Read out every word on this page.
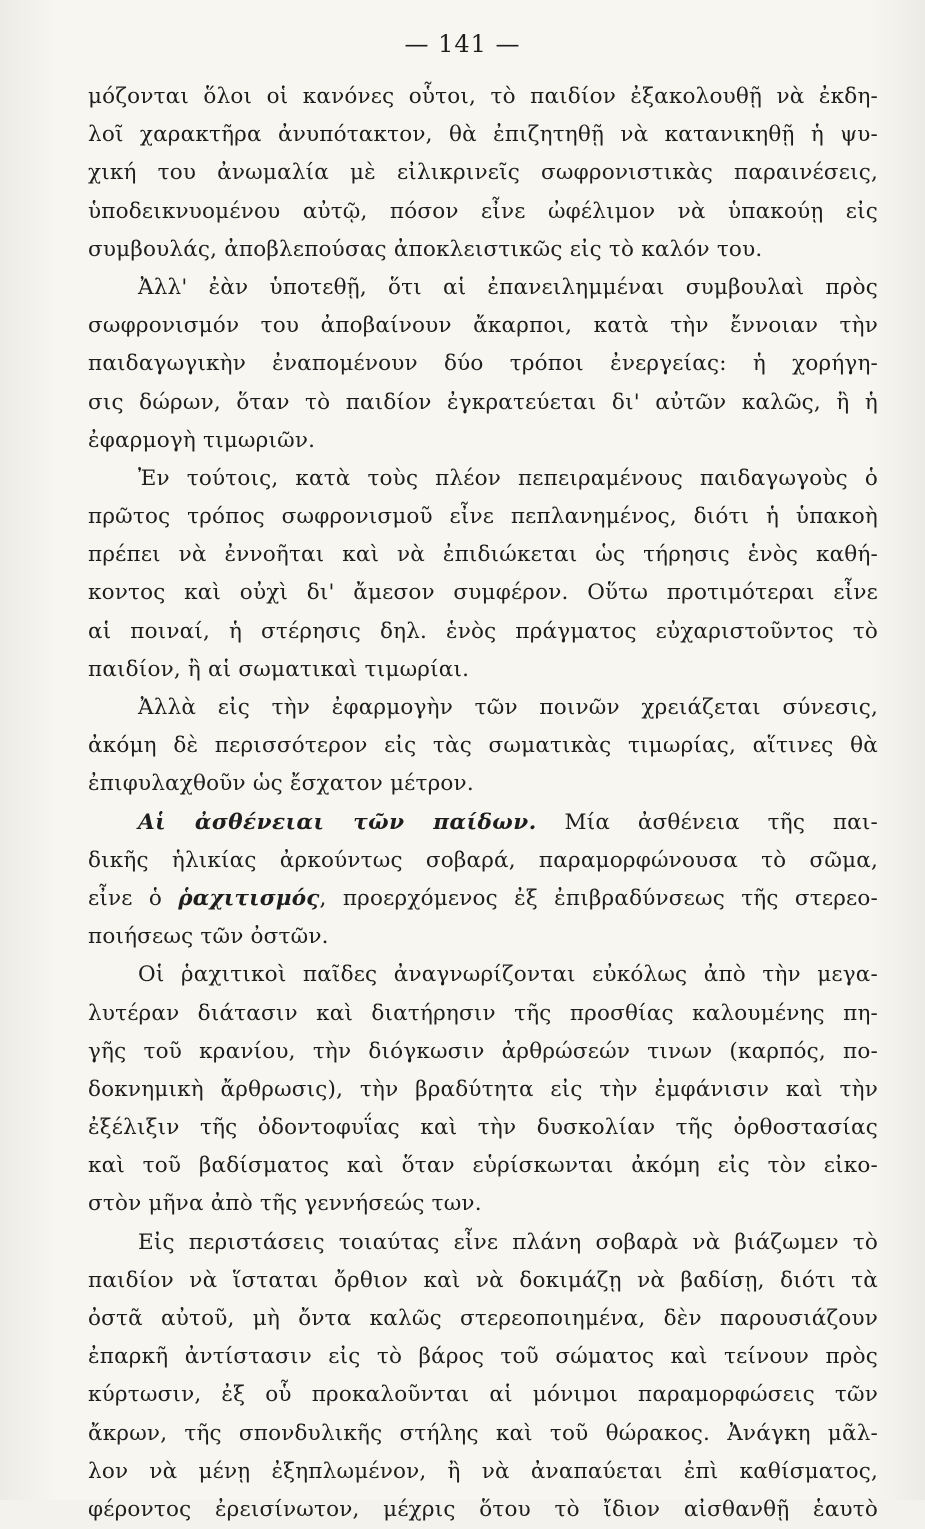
— 141 —
μόζονται ὅλοι οἱ κανόνες οὗτοι, τὸ παιδίον ἐξακολουθῇ νὰ ἐκδη-
λοῖ χαρακτῆρα ἀνυπότακτον, θὰ ἐπιζητηθῇ νὰ κατανικηθῇ ἡ ψυ-
χική του ἀνωμαλία μὲ εἰλικρινεῖς σωφρονιστικὰς παραινέσεις,
ὑποδεικνυομένου αὐτῷ, πόσον εἶνε ὠφέλιμον νὰ ὑπακούῃ εἰς
συμβουλάς, ἀποβλεπούσας ἀποκλειστικῶς εἰς τὸ καλόν του.
Ἀλλ' ἐὰν ὑποτεθῇ, ὅτι αἱ ἐπανειλημμέναι συμβουλαὶ πρὸς
σωφρονισμόν του ἀποβαίνουν ἄκαρποι, κατὰ τὴν ἔννοιαν τὴν
παιδαγωγικὴν ἐναπομένουν δύο τρόποι ἐνεργείας: ἡ χορήγη-
σις δώρων, ὅταν τὸ παιδίον ἐγκρατεύεται δι' αὐτῶν καλῶς, ἢ ἡ
ἐφαρμογὴ τιμωριῶν.
Ἐν τούτοις, κατὰ τοὺς πλέον πεπειραμένους παιδαγωγοὺς ὁ
πρῶτος τρόπος σωφρονισμοῦ εἶνε πεπλανημένος, διότι ἡ ὑπακοὴ
πρέπει νὰ ἐννοῆται καὶ νὰ ἐπιδιώκεται ὡς τήρησις ἑνὸς καθή-
κοντος καὶ οὐχὶ δι' ἄμεσον συμφέρον. Οὕτω προτιμότεραι εἶνε
αἱ ποιναί, ἡ στέρησις δηλ. ἑνὸς πράγματος εὐχαριστοῦντος τὸ
παιδίον, ἢ αἱ σωματικαὶ τιμωρίαι.
Ἀλλὰ εἰς τὴν ἐφαρμογὴν τῶν ποινῶν χρειάζεται σύνεσις,
ἀκόμη δὲ περισσότερον εἰς τὰς σωματικὰς τιμωρίας, αἵτινες θὰ
ἐπιφυλαχθοῦν ὡς ἔσχατον μέτρον.
Αἱ ἀσθένειαι τῶν παίδων. Μία ἀσθένεια τῆς παι-
δικῆς ἡλικίας ἀρκούντως σοβαρά, παραμορφώνουσα τὸ σῶμα,
εἶνε ὁ ῥαχιτισμός, προερχόμενος ἐξ ἐπιβραδύνσεως τῆς στερεο-
ποιήσεως τῶν ὀστῶν.
Οἱ ῥαχιτικοὶ παῖδες ἀναγνωρίζονται εὐκόλως ἀπὸ τὴν μεγα-
λυτέραν διάτασιν καὶ διατήρησιν τῆς προσθίας καλουμένης πη-
γῆς τοῦ κρανίου, τὴν διόγκωσιν ἀρθρώσεών τινων (καρπός, πο-
δοκνημικὴ ἄρθρωσις), τὴν βραδύτητα εἰς τὴν ἐμφάνισιν καὶ τὴν
ἐξέλιξιν τῆς ὀδοντοφυΐας καὶ τὴν δυσκολίαν τῆς ὀρθοστασίας
καὶ τοῦ βαδίσματος καὶ ὅταν εὑρίσκωνται ἀκόμη εἰς τὸν εἰκο-
στὸν μῆνα ἀπὸ τῆς γεννήσεώς των.
Εἰς περιστάσεις τοιαύτας εἶνε πλάνη σοβαρὰ νὰ βιάζωμεν τὸ
παιδίον νὰ ἵσταται ὄρθιον καὶ νὰ δοκιμάζῃ νὰ βαδίσῃ, διότι τὰ
ὀστᾶ αὐτοῦ, μὴ ὄντα καλῶς στερεοποιημένα, δὲν παρουσιάζουν
ἐπαρκῆ ἀντίστασιν εἰς τὸ βάρος τοῦ σώματος καὶ τείνουν πρὸς
κύρτωσιν, ἐξ οὗ προκαλοῦνται αἱ μόνιμοι παραμορφώσεις τῶν
ἄκρων, τῆς σπονδυλικῆς στήλης καὶ τοῦ θώρακος. Ἀνάγκη μᾶλ-
λον νὰ μένῃ ἐξηπλωμένον, ἢ νὰ ἀναπαύεται ἐπὶ καθίσματος,
φέροντος ἐρεισίνωτον, μέχρις ὅτου τὸ ἴδιον αἰσθανθῇ ἑαυτὸ
